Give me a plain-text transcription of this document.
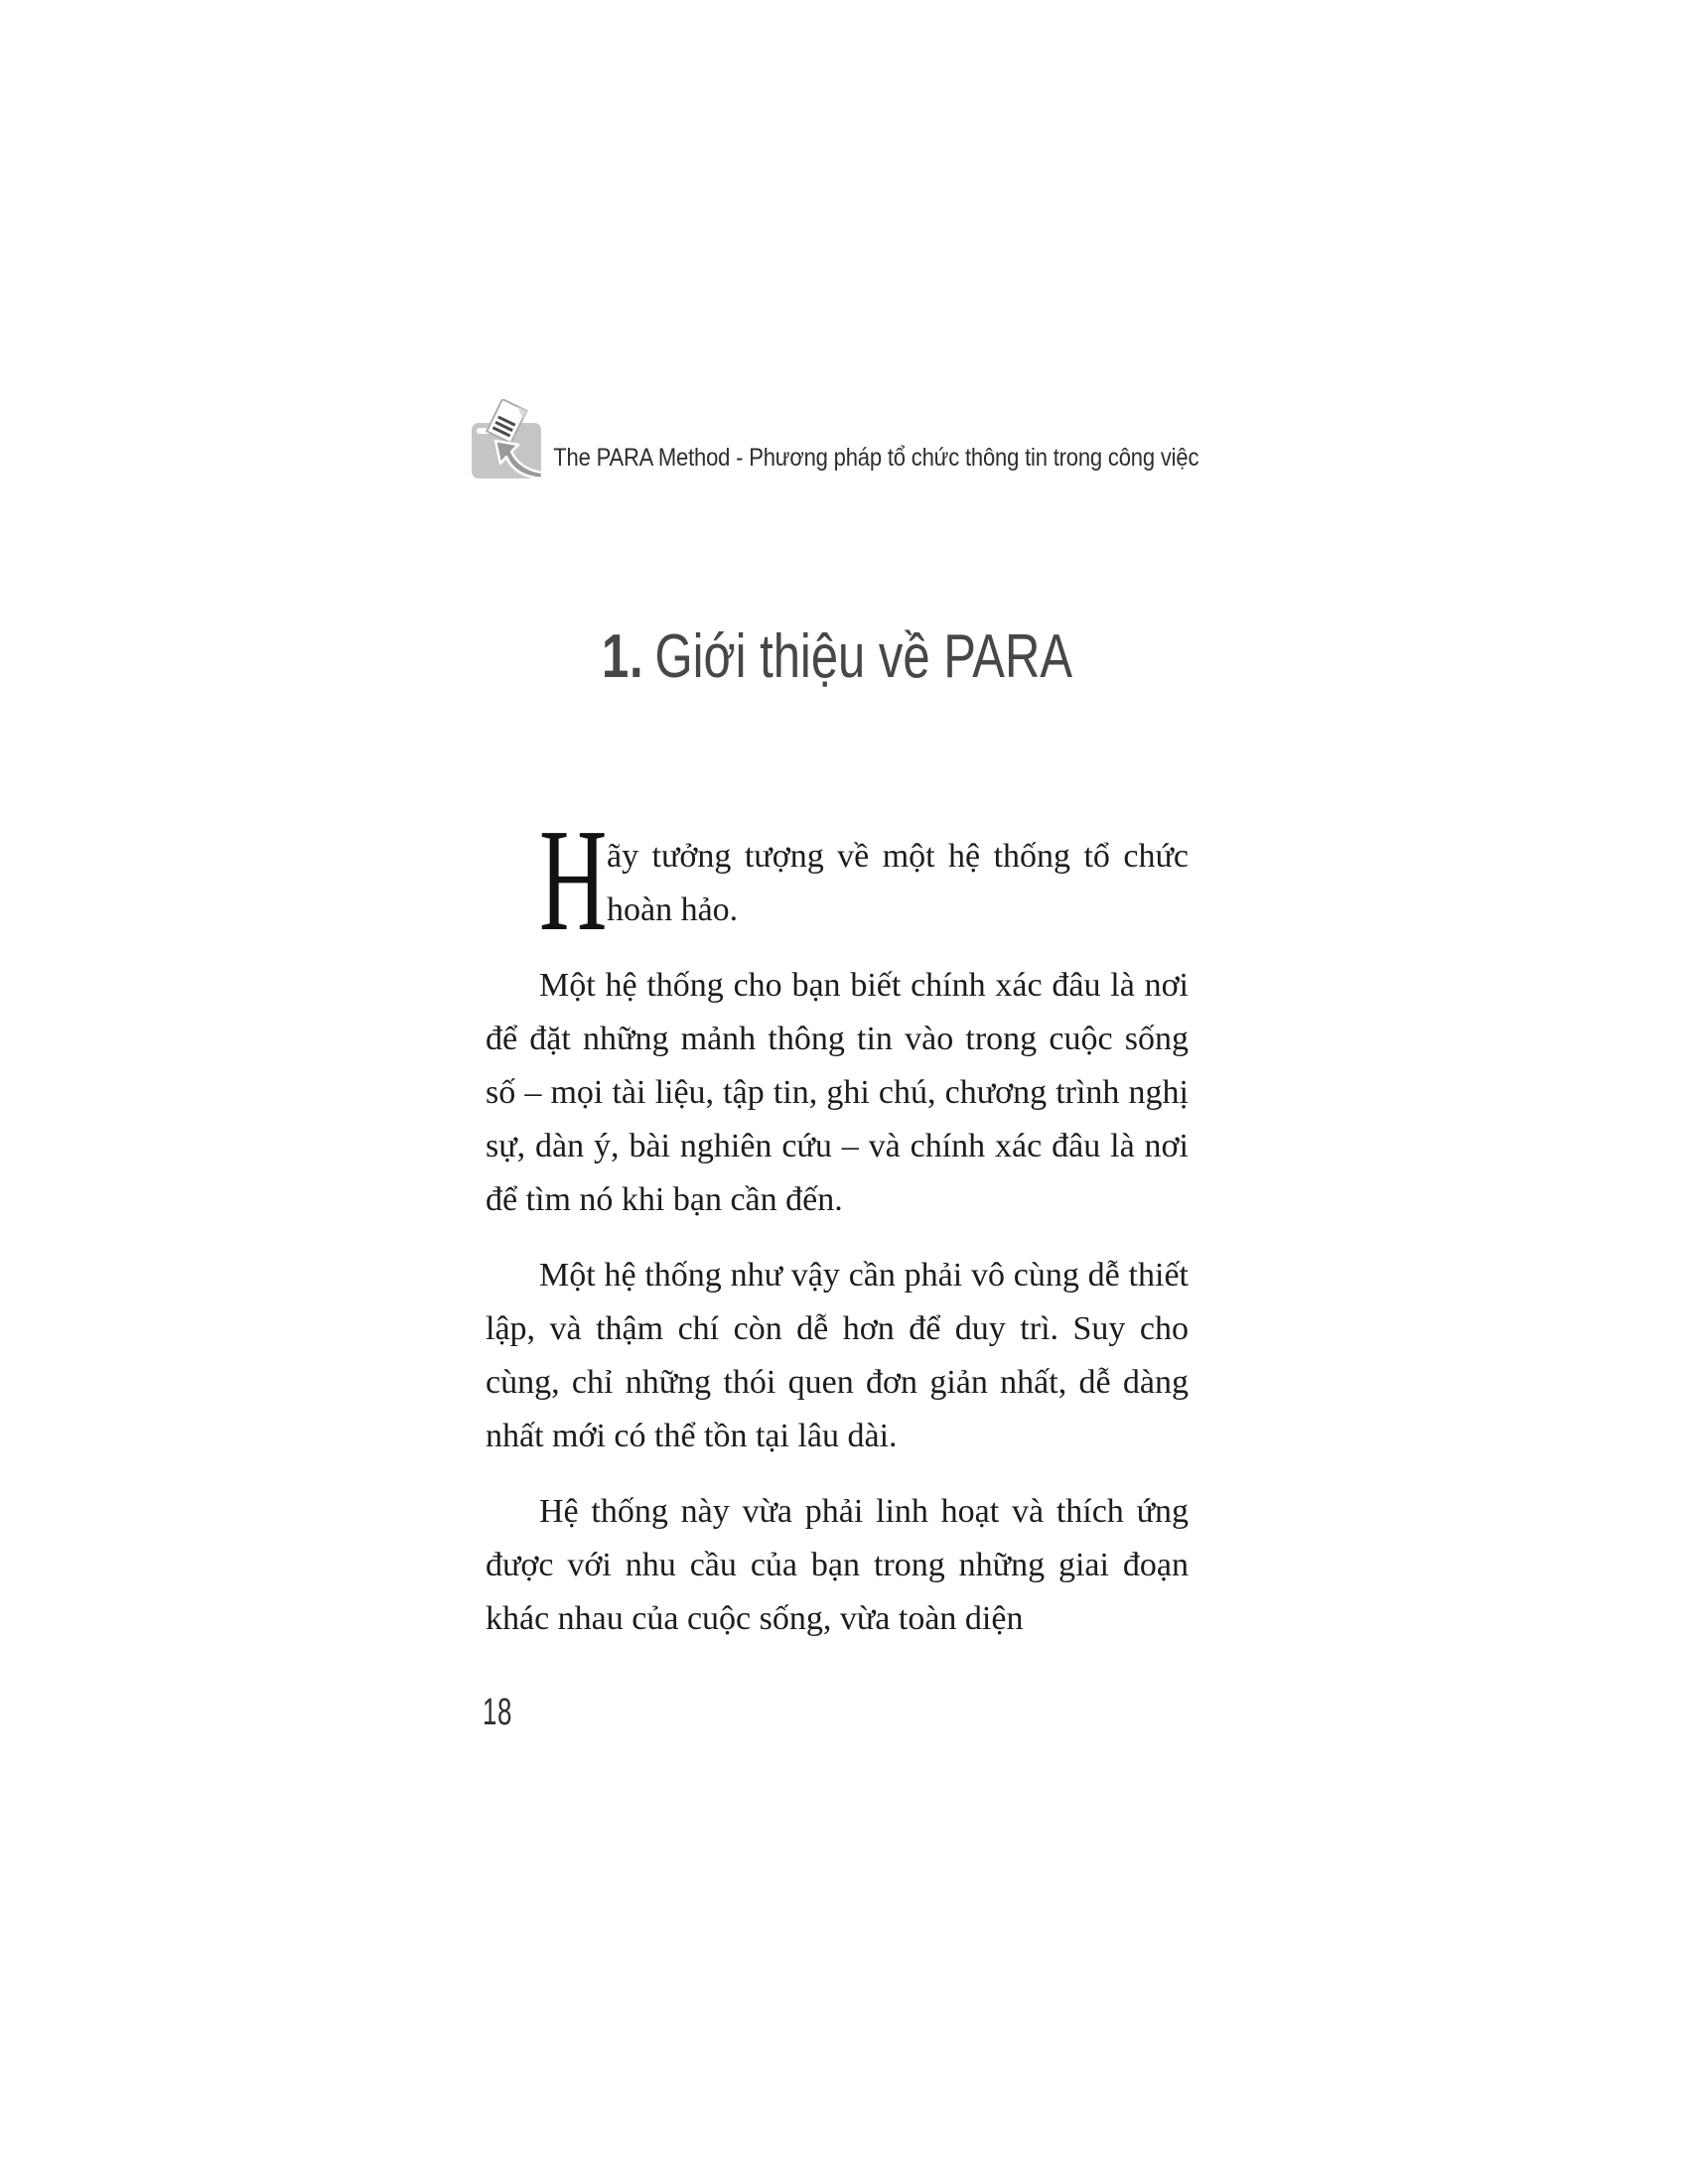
The PARA Method - Phương pháp tổ chức thông tin trong công việc
1. Giới thiệu về PARA

Hãy tưởng tượng về một hệ thống tổ chức hoàn hảo.

Một hệ thống cho bạn biết chính xác đâu là nơi để đặt những mảnh thông tin vào trong cuộc sống số – mọi tài liệu, tập tin, ghi chú, chương trình nghị sự, dàn ý, bài nghiên cứu – và chính xác đâu là nơi để tìm nó khi bạn cần đến.

Một hệ thống như vậy cần phải vô cùng dễ thiết lập, và thậm chí còn dễ hơn để duy trì. Suy cho cùng, chỉ những thói quen đơn giản nhất, dễ dàng nhất mới có thể tồn tại lâu dài.

Hệ thống này vừa phải linh hoạt và thích ứng được với nhu cầu của bạn trong những giai đoạn khác nhau của cuộc sống, vừa toàn diện

18
